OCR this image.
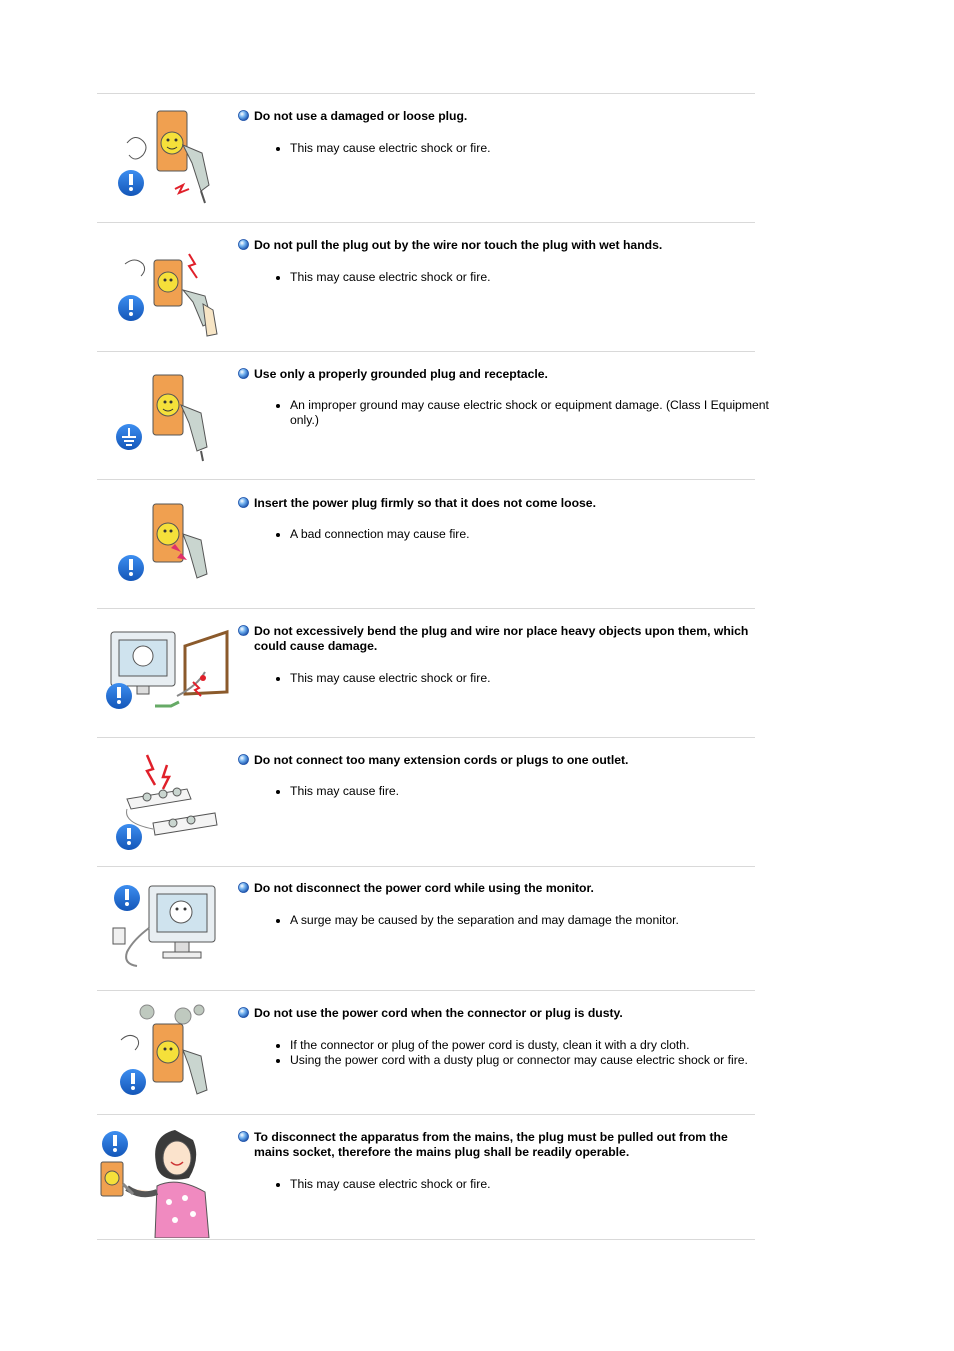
Do not use a damaged or loose plug.
• This may cause electric shock or fire.
Do not pull the plug out by the wire nor touch the plug with wet hands.
• This may cause electric shock or fire.
Use only a properly grounded plug and receptacle.
• An improper ground may cause electric shock or equipment damage. (Class I Equipment only.)
Insert the power plug firmly so that it does not come loose.
• A bad connection may cause fire.
Do not excessively bend the plug and wire nor place heavy objects upon them, which could cause damage.
• This may cause electric shock or fire.
Do not connect too many extension cords or plugs to one outlet.
• This may cause fire.
Do not disconnect the power cord while using the monitor.
• A surge may be caused by the separation and may damage the monitor.
Do not use the power cord when the connector or plug is dusty.
• If the connector or plug of the power cord is dusty, clean it with a dry cloth.
• Using the power cord with a dusty plug or connector may cause electric shock or fire.
To disconnect the apparatus from the mains, the plug must be pulled out from the mains socket, therefore the mains plug shall be readily operable.
• This may cause electric shock or fire.
